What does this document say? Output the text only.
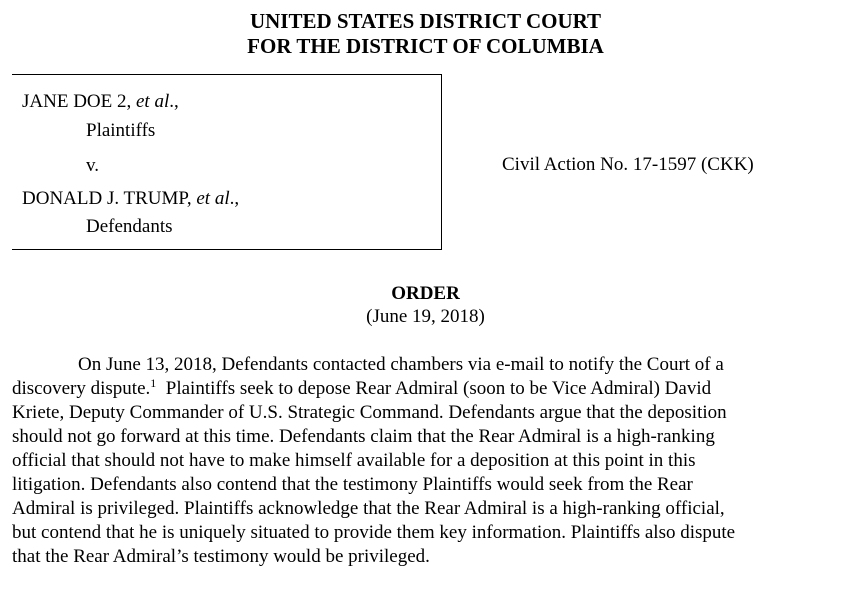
UNITED STATES DISTRICT COURT
FOR THE DISTRICT OF COLUMBIA
JANE DOE 2, et al.,
Plaintiffs
v.
DONALD J. TRUMP, et al.,
Defendants
Civil Action No. 17-1597 (CKK)
ORDER
(June 19, 2018)
On June 13, 2018, Defendants contacted chambers via e-mail to notify the Court of a
discovery dispute.$^1$  Plaintiffs seek to depose Rear Admiral (soon to be Vice Admiral) David
Kriete, Deputy Commander of U.S. Strategic Command. Defendants argue that the deposition
should not go forward at this time. Defendants claim that the Rear Admiral is a high-ranking
official that should not have to make himself available for a deposition at this point in this
litigation. Defendants also contend that the testimony Plaintiffs would seek from the Rear
Admiral is privileged. Plaintiffs acknowledge that the Rear Admiral is a high-ranking official,
but contend that he is uniquely situated to provide them key information. Plaintiffs also dispute
that the Rear Admiral’s testimony would be privileged.
